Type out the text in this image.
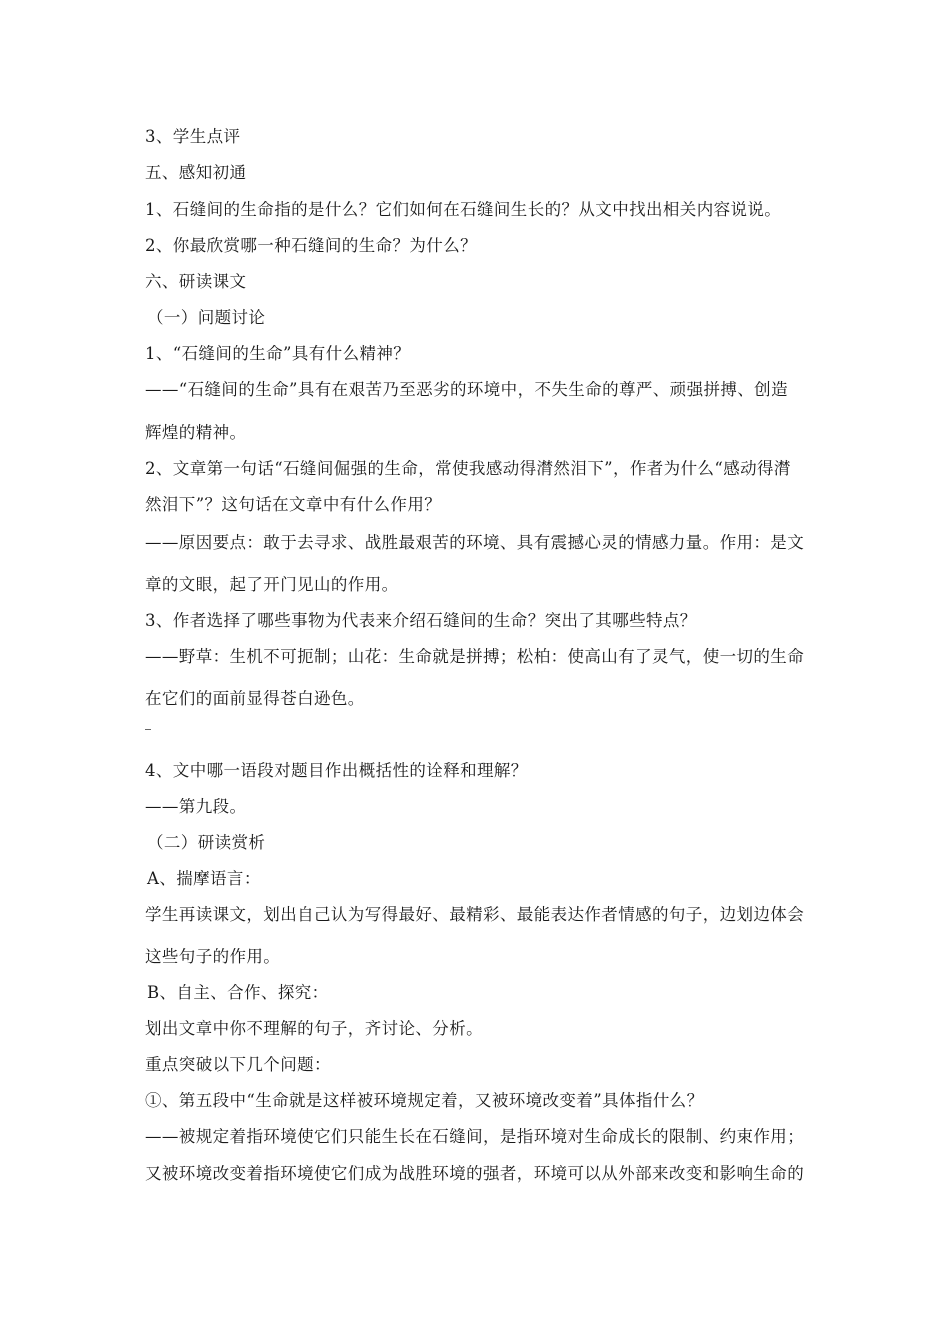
3、学生点评
五、感知初通
1、石缝间的生命指的是什么？它们如何在石缝间生长的？从文中找出相关内容说说。
2、你最欣赏哪一种石缝间的生命？为什么？
六、研读课文
（一）问题讨论
1、“石缝间的生命”具有什么精神？
——“石缝间的生命”具有在艰苦乃至恶劣的环境中，不失生命的尊严、顽强拼搏、创造
辉煌的精神。
2、文章第一句话“石缝间倔强的生命，常使我感动得潸然泪下”，作者为什么“感动得潸
然泪下”？这句话在文章中有什么作用？
——原因要点：敢于去寻求、战胜最艰苦的环境、具有震撼心灵的情感力量。作用：是文
章的文眼，起了开门见山的作用。
3、作者选择了哪些事物为代表来介绍石缝间的生命？突出了其哪些特点？
——野草：生机不可扼制；山花：生命就是拼搏；松柏：使高山有了灵气，使一切的生命
在它们的面前显得苍白逊色。
4、文中哪一语段对题目作出概括性的诠释和理解？
——第九段。
（二）研读赏析
A、揣摩语言：
学生再读课文，划出自己认为写得最好、最精彩、最能表达作者情感的句子，边划边体会
这些句子的作用。
B、自主、合作、探究：
划出文章中你不理解的句子，齐讨论、分析。
重点突破以下几个问题：
①、第五段中“生命就是这样被环境规定着，又被环境改变着”具体指什么？
——被规定着指环境使它们只能生长在石缝间，是指环境对生命成长的限制、约束作用；
又被环境改变着指环境使它们成为战胜环境的强者，环境可以从外部来改变和影响生命的
